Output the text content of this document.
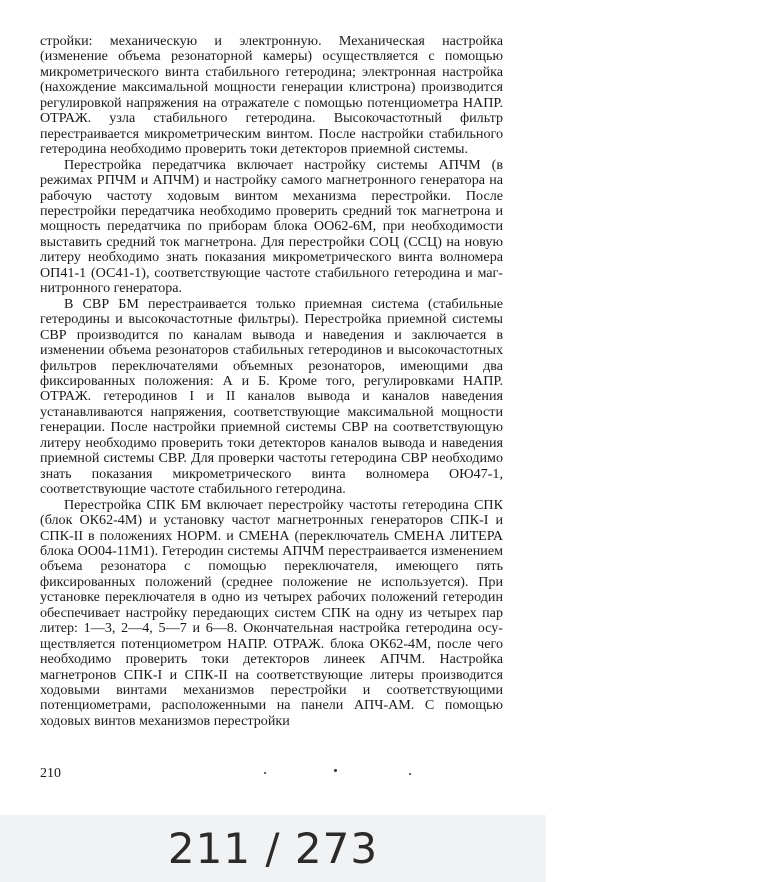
стройки: механическую и электронную. Механическая настройка (изменение объема резонаторной камеры) осуществляется с помощью микрометрического винта стабильного гетеродина; электронная настройка (нахождение максимальной мощности генерации клистрона) производится регулировкой напряжения на отражателе с помощью потенциометра НАПР. ОТРАЖ. узла стабильного гетеродина. Высокочастотный фильтр перестраивается микрометрическим винтом. После настройки стабильного гетеродина необходимо проверить токи детекторов приемной системы.

Перестройка передатчика включает настройку системы АПЧМ (в режимах РПЧМ и АПЧМ) и настройку самого магнетронного генератора на рабочую частоту ходовым винтом механизма перестройки. После перестройки передатчика необходимо проверить средний ток магнетрона и мощность передатчика по приборам блока ОО62-6М, при необходимости выставить средний ток магнетрона. Для перестройки СОЦ (ССЦ) на новую литеру необходимо знать показания микрометрического винта волномера ОП41-1 (ОС41-1), соответствующие частоте стабильного гетеродина и магнитронного генератора.

В СВР БМ перестраивается только приемная система (стабильные гетеродины и высокочастотные фильтры). Перестройка приемной системы СВР производится по каналам вывода и наведения и заключается в изменении объема резонаторов стабильных гетеродинов и высокочастотных фильтров переключателями объемных резонаторов, имеющими два фиксированных положения: А и Б. Кроме того, регулировками НАПР. ОТРАЖ. гетеродинов I и II каналов вывода и каналов наведения устанавливаются напряжения, соответствующие максимальной мощности генерации. После настройки приемной системы СВР на соответствующую литеру необходимо проверить токи детекторов каналов вывода и наведения приемной системы СВР. Для проверки частоты гетеродина СВР необходимо знать показания микрометрического винта волномера ОЮ47-1, соответствующие частоте стабильного гетеродина.

Перестройка СПК БМ включает перестройку частоты гетеродина СПК (блок ОК62-4М) и установку частот магнетронных генераторов СПК-I и СПК-II в положениях НОРМ. и СМЕНА (переключатель СМЕНА ЛИТЕРА блока ОО04-11М1). Гетеродин системы АПЧМ перестраивается изменением объема резонатора с помощью переключателя, имеющего пять фиксированных положений (среднее положение не используется). При установке переключателя в одно из четырех рабочих положений гетеродин обеспечивает настройку передающих систем СПК на одну из четырех пар литер: 1—3, 2—4, 5—7 и 6—8. Окончательная настройка гетеродина осуществляется потенциометром НАПР. ОТРАЖ. блока ОК62-4М, после чего необходимо проверить токи детекторов линеек АПЧМ. Настройка магнетронов СПК-I и СПК-II на соответствующие литеры производится ходовыми винтами механизмов перестройки и соответствующими потенциометрами, расположенными на панели АПЧ-АМ. С помощью ходовых винтов механизмов перестройки

210
211 / 273
